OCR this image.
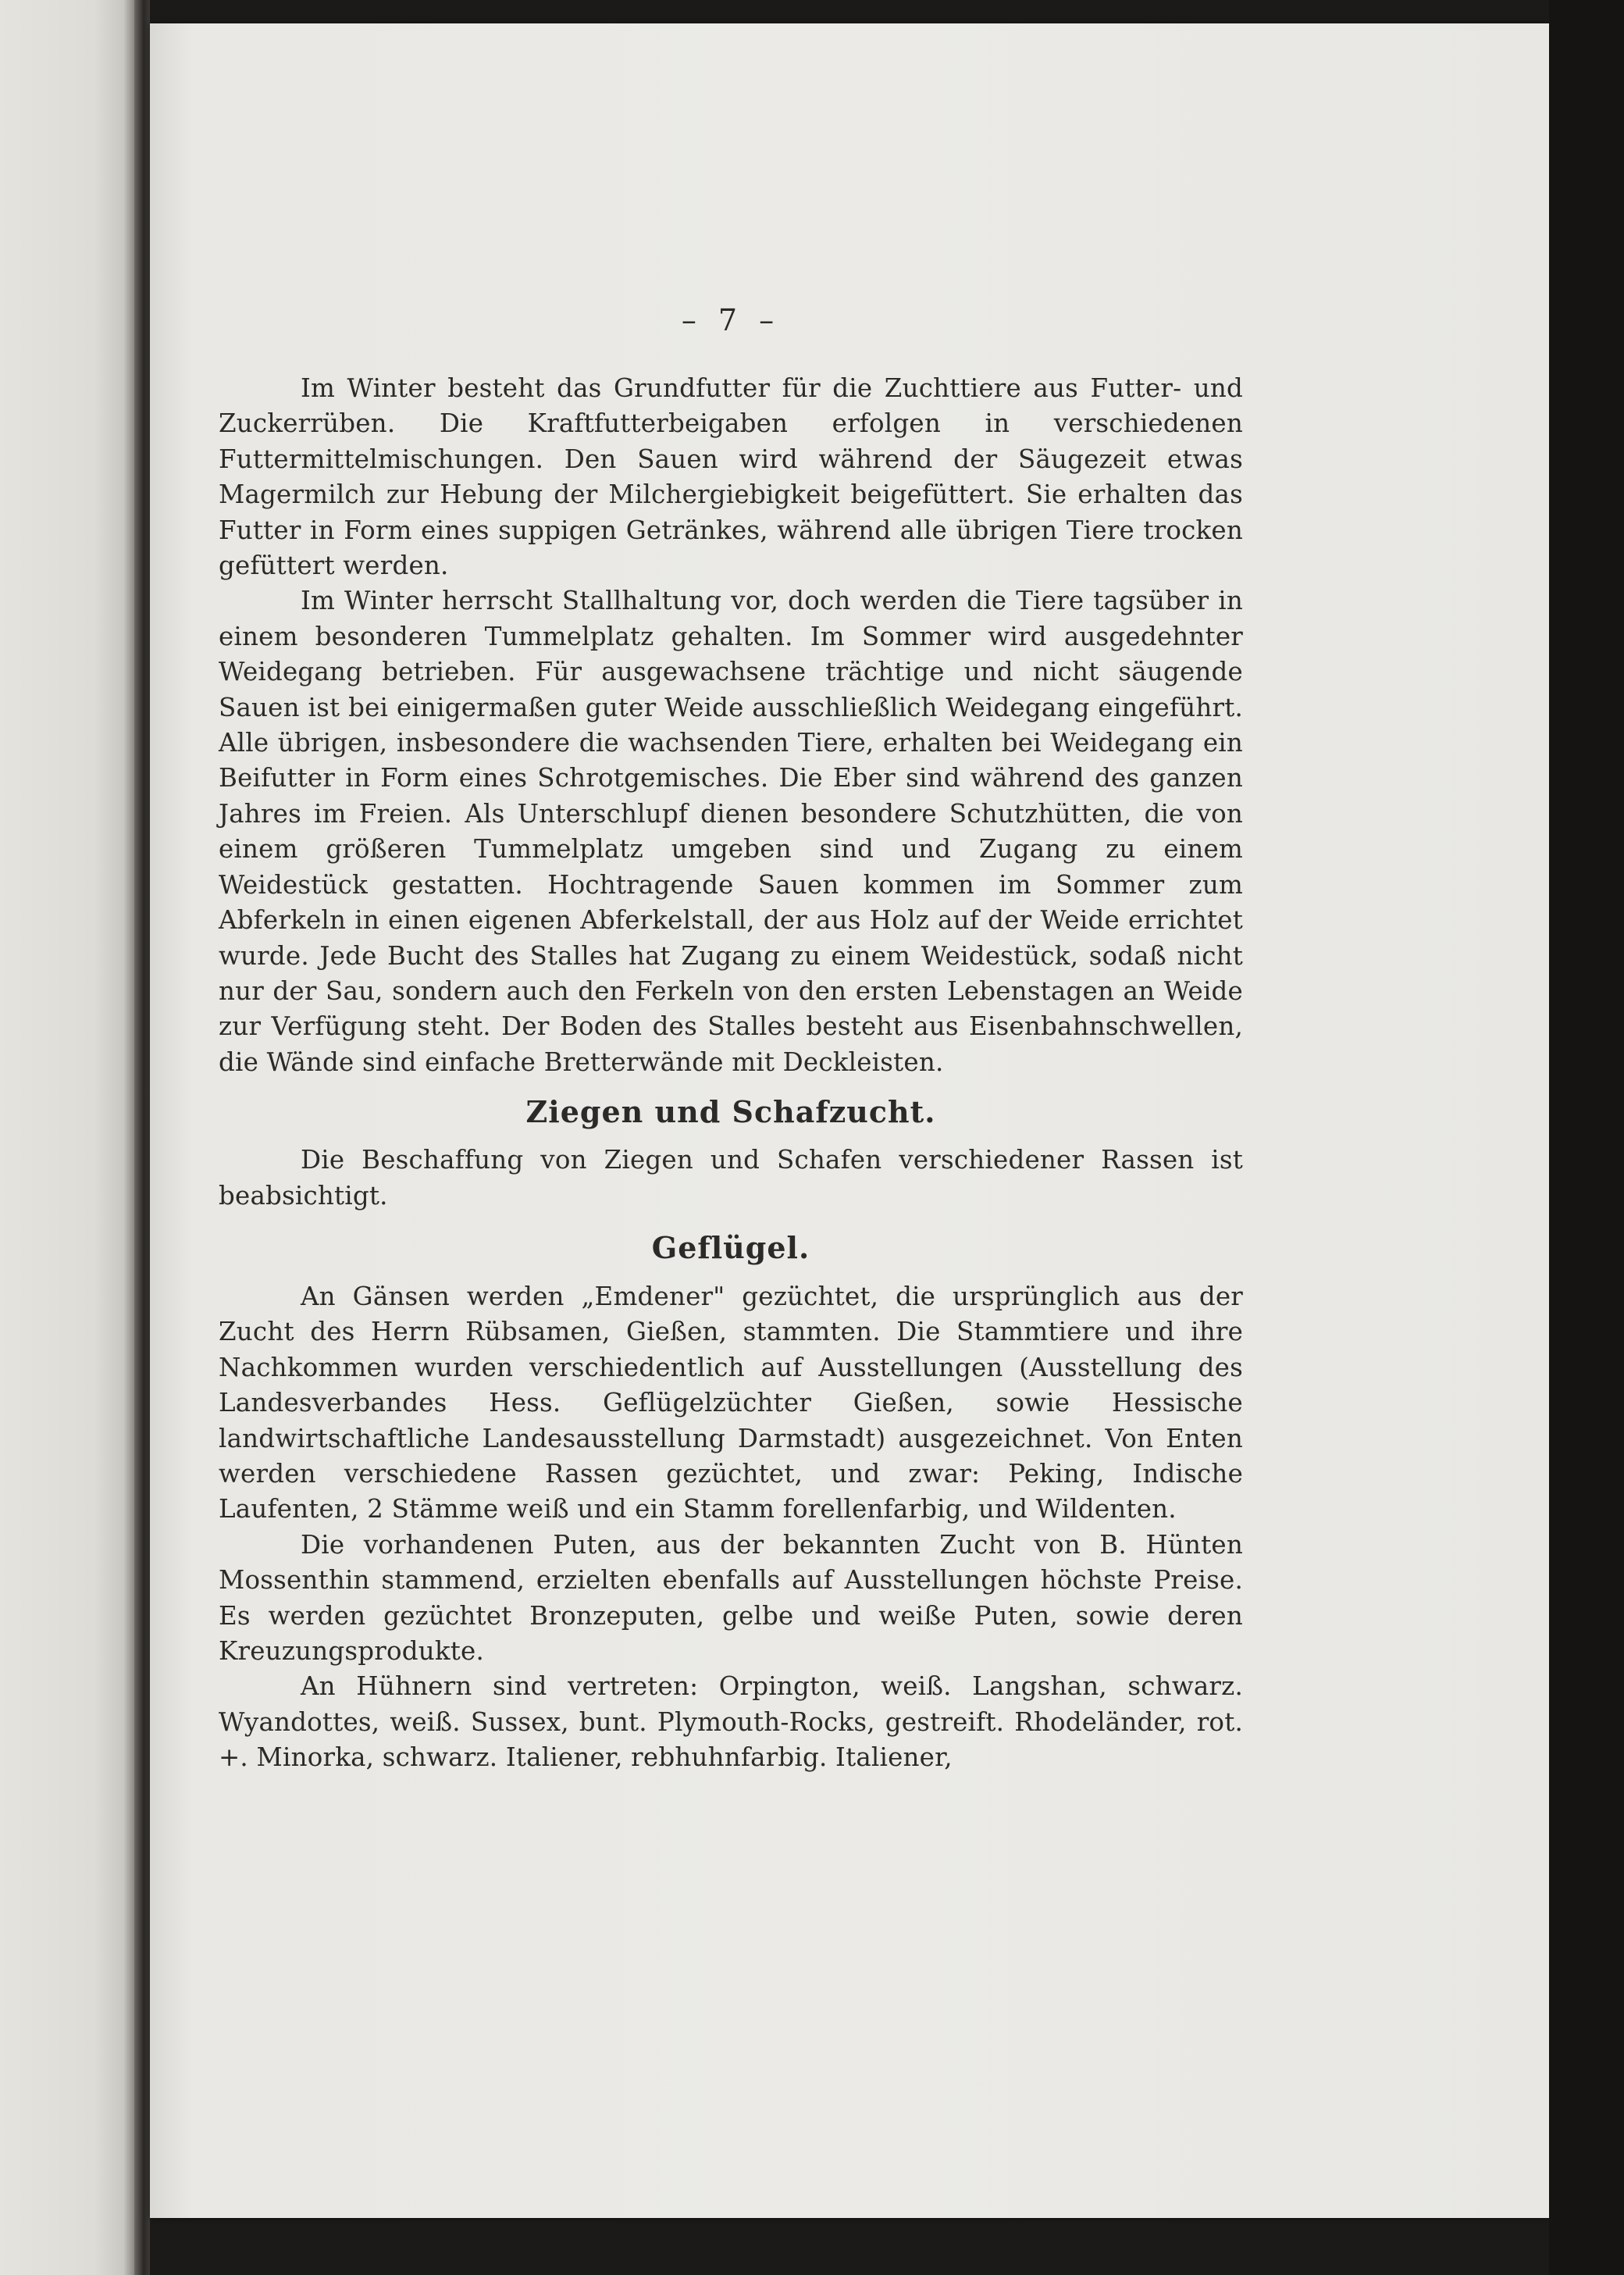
– 7 –

Im Winter besteht das Grundfutter für die Zuchttiere aus Futter- und Zuckerrüben. Die Kraftfutterbeigaben erfolgen in verschiedenen Futtermittelmischungen. Den Sauen wird während der Säugezeit etwas Magermilch zur Hebung der Milchergiebigkeit beigefüttert. Sie erhalten das Futter in Form eines suppigen Getränkes, während alle übrigen Tiere trocken gefüttert werden.

Im Winter herrscht Stallhaltung vor, doch werden die Tiere tagsüber in einem besonderen Tummelplatz gehalten. Im Sommer wird ausgedehnter Weidegang betrieben. Für ausgewachsene trächtige und nicht säugende Sauen ist bei einigermaßen guter Weide ausschließlich Weidegang eingeführt. Alle übrigen, insbesondere die wachsenden Tiere, erhalten bei Weidegang ein Beifutter in Form eines Schrotgemisches. Die Eber sind während des ganzen Jahres im Freien. Als Unterschlupf dienen besondere Schutzhütten, die von einem größeren Tummelplatz umgeben sind und Zugang zu einem Weidestück gestatten. Hochtragende Sauen kommen im Sommer zum Abferkeln in einen eigenen Abferkelstall, der aus Holz auf der Weide errichtet wurde. Jede Bucht des Stalles hat Zugang zu einem Weidestück, sodaß nicht nur der Sau, sondern auch den Ferkeln von den ersten Lebenstagen an Weide zur Verfügung steht. Der Boden des Stalles besteht aus Eisenbahnschwellen, die Wände sind einfache Bretterwände mit Deckleisten.

Ziegen und Schafzucht.

Die Beschaffung von Ziegen und Schafen verschiedener Rassen ist beabsichtigt.

Geflügel.

An Gänsen werden „Emdener" gezüchtet, die ursprünglich aus der Zucht des Herrn Rübsamen, Gießen, stammten. Die Stammtiere und ihre Nachkommen wurden verschiedentlich auf Ausstellungen (Ausstellung des Landesverbandes Hess. Geflügelzüchter Gießen, sowie Hessische landwirtschaftliche Landesausstellung Darmstadt) ausgezeichnet. Von Enten werden verschiedene Rassen gezüchtet, und zwar: Peking, Indische Laufenten, 2 Stämme weiß und ein Stamm forellenfarbig, und Wildenten.

Die vorhandenen Puten, aus der bekannten Zucht von B. Hünten Mossenthin stammend, erzielten ebenfalls auf Ausstellungen höchste Preise. Es werden gezüchtet Bronzeputen, gelbe und weiße Puten, sowie deren Kreuzungsprodukte.

An Hühnern sind vertreten: Orpington, weiß. Langshan, schwarz. Wyandottes, weiß. Sussex, bunt. Plymouth-Rocks, gestreift. Rhodeländer, rot. +. Minorka, schwarz. Italiener, rebhuhnfarbig. Italiener,
